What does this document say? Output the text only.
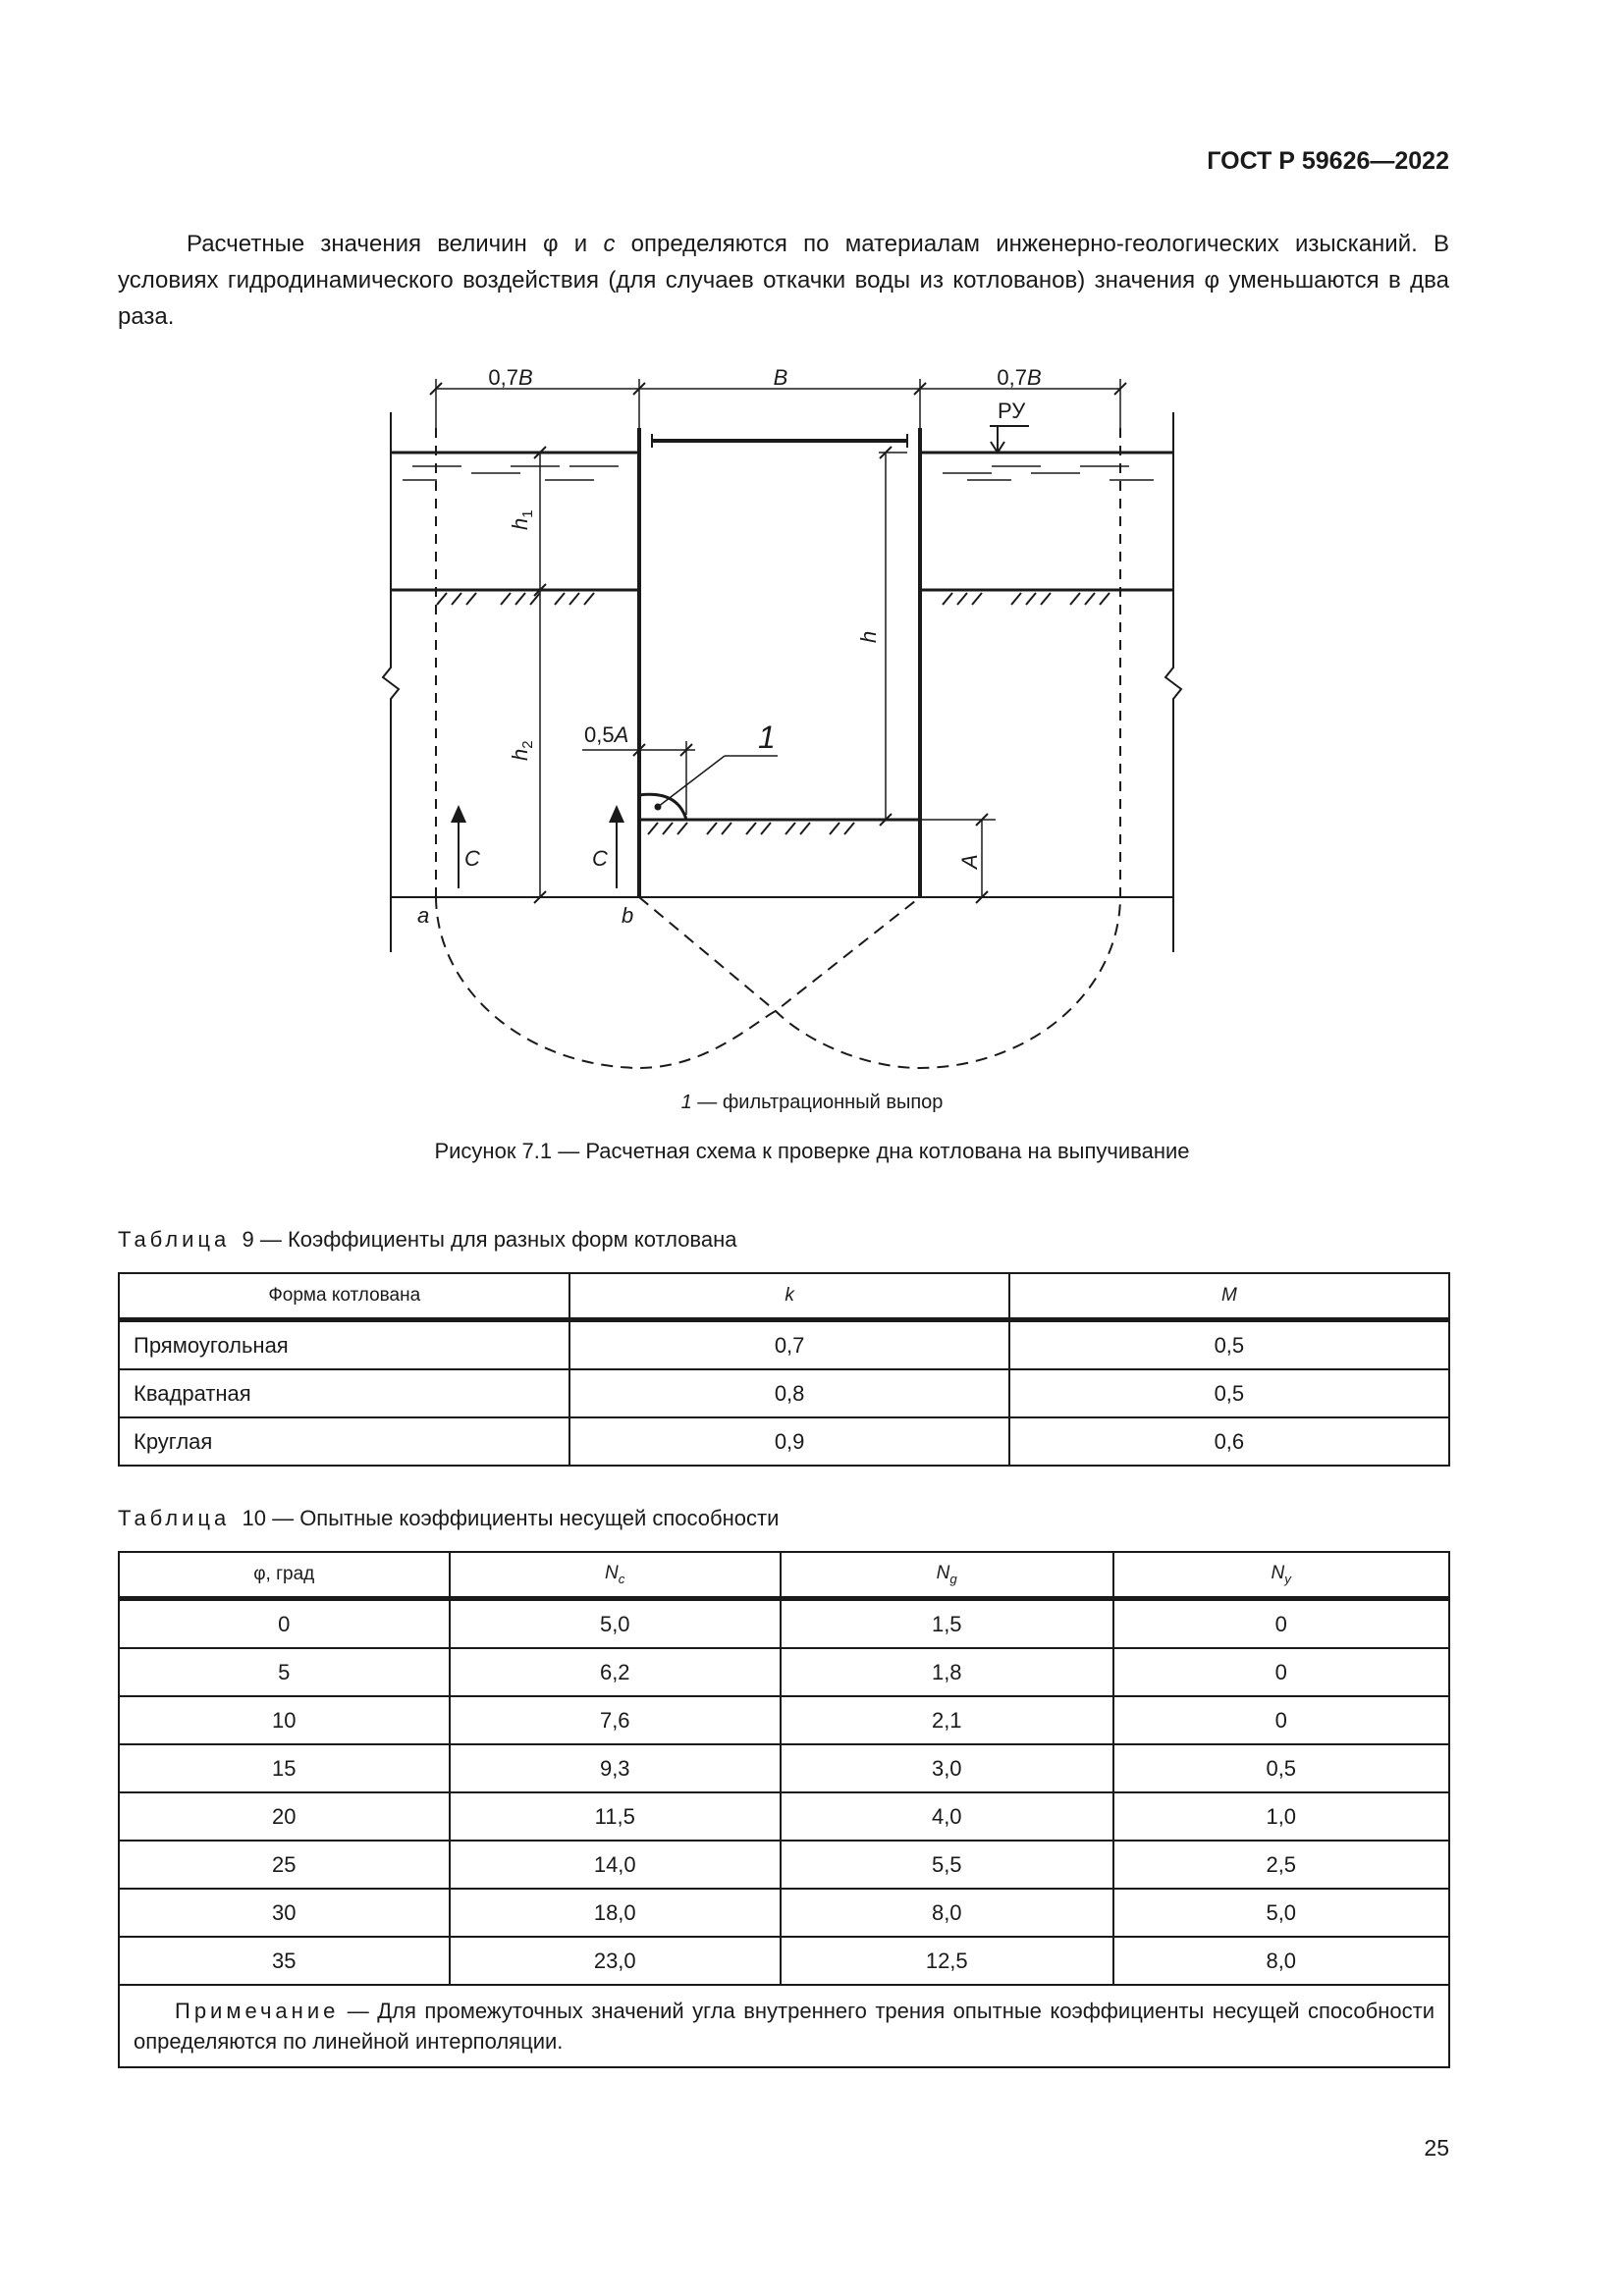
ГОСТ Р 59626—2022
Расчетные значения величин φ и c определяются по материалам инженерно-геологических изысканий. В условиях гидродинамического воздействия (для случаев откачки воды из котлованов) значения φ уменьшаются в два раза.
0,7B	B	0,7B
РУ
$h_1$
$h_2$
h
0,5A	1
C	C	A
a	b
1 — фильтрационный выпор
Рисунок 7.1 — Расчетная схема к проверке дна котлована на выпучивание
Таблица 9 — Коэффициенты для разных форм котлована
Форма котлована	k	M
Прямоугольная	0,7	0,5
Квадратная	0,8	0,5
Круглая	0,9	0,6
Таблица 10 — Опытные коэффициенты несущей способности
φ, град	$N_c$	$N_g$	$N_y$
0	5,0	1,5	0
5	6,2	1,8	0
10	7,6	2,1	0
15	9,3	3,0	0,5
20	11,5	4,0	1,0
25	14,0	5,5	2,5
30	18,0	8,0	5,0
35	23,0	12,5	8,0
Примечание — Для промежуточных значений угла внутреннего трения опытные коэффициенты несущей способности определяются по линейной интерполяции.			
25
